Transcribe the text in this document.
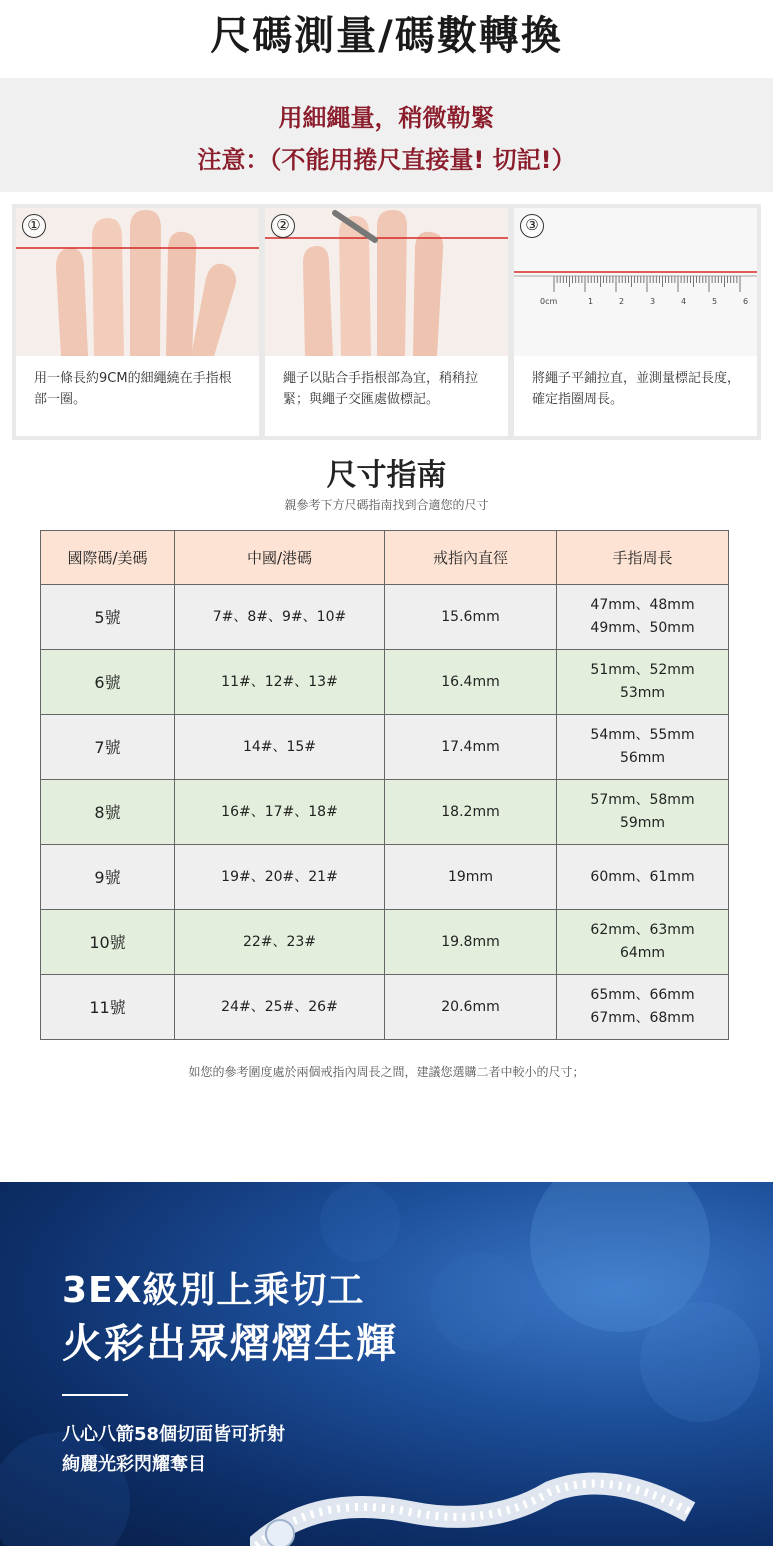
尺碼測量/碼數轉換
用細繩量，稍微勒緊
注意：（不能用捲尺直接量! 切記!）
①
用一條長約9CM的細繩繞在手指根部一圈。
②
繩子以貼合手指根部為宜，稍稍拉緊；與繩子交匯處做標記。
0cm	1	2	3	4	5	6
③
將繩子平鋪拉直，並測量標記長度，確定指圈周長。
尺寸指南
親參考下方尺碼指南找到合適您的尺寸
國際碼/美碼	中國/港碼	戒指內直徑	手指周長
5號	7#、8#、9#、10#	15.6mm	47mm、48mm
49mm、50mm

6號	11#、12#、13#	16.4mm	51mm、52mm
53mm

7號	14#、15#	17.4mm	54mm、55mm
56mm

8號	16#、17#、18#	18.2mm	57mm、58mm
59mm

9號	19#、20#、21#	19mm	60mm、61mm

10號	22#、23#	19.8mm	62mm、63mm
64mm

11號	24#、25#、26#	20.6mm	65mm、66mm
67mm、68mm
如您的參考圍度處於兩個戒指內周長之間，建議您選購二者中較小的尺寸；
3EX級別上乘切工
火彩出眾熠熠生輝
八心八箭58個切面皆可折射
絢麗光彩閃耀奪目
